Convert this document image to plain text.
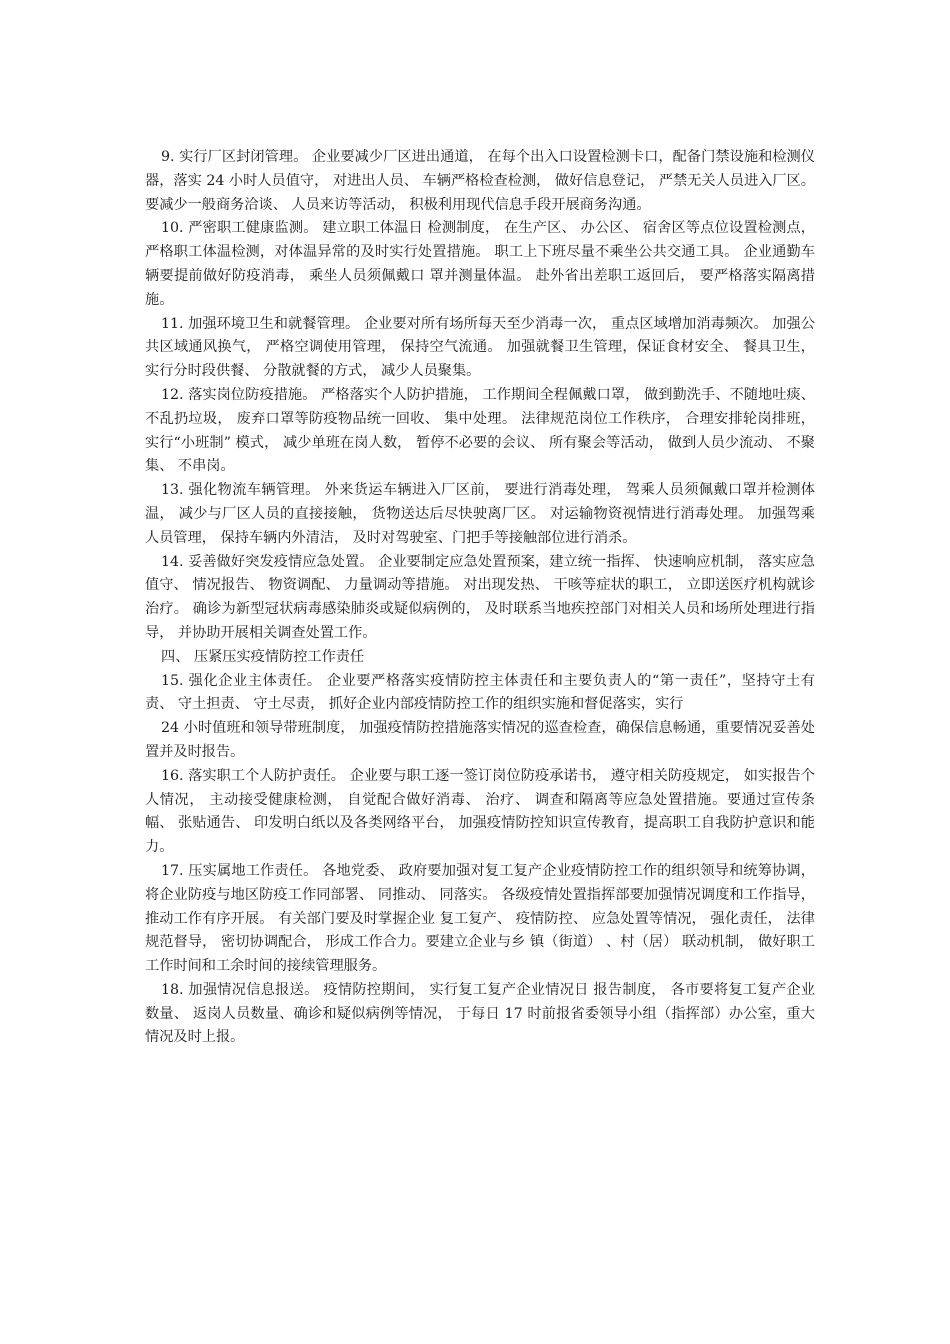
9. 实行厂区封闭管理。 企业要减少厂区进出通道， 在每个出入口设置检测卡口，配备门禁设施和检测仪器，落实 24 小时人员值守， 对进出人员、 车辆严格检查检测， 做好信息登记， 严禁无关人员进入厂区。 要减少一般商务洽谈、 人员来访等活动， 积极利用现代信息手段开展商务沟通。

10. 严密职工健康监测。 建立职工体温日 检测制度， 在生产区、 办公区、 宿舍区等点位设置检测点， 严格职工体温检测，对体温异常的及时实行处置措施。 职工上下班尽量不乘坐公共交通工具。 企业通勤车辆要提前做好防疫消毒， 乘坐人员须佩戴口 罩并测量体温。 赴外省出差职工返回后， 要严格落实隔离措施。

11. 加强环境卫生和就餐管理。 企业要对所有场所每天至少消毒一次， 重点区域增加消毒频次。 加强公共区域通风换气， 严格空调使用管理， 保持空气流通。 加强就餐卫生管理，保证食材安全、 餐具卫生， 实行分时段供餐、 分散就餐的方式， 减少人员聚集。

12. 落实岗位防疫措施。 严格落实个人防护措施， 工作期间全程佩戴口罩， 做到勤洗手、不随地吐痰、 不乱扔垃圾， 废弃口罩等防疫物品统一回收、 集中处理。 法律规范岗位工作秩序， 合理安排轮岗排班， 实行“小班制” 模式， 减少单班在岗人数， 暂停不必要的会议、 所有聚会等活动， 做到人员少流动、 不聚集、 不串岗。

13. 强化物流车辆管理。 外来货运车辆进入厂区前， 要进行消毒处理， 驾乘人员须佩戴口罩并检测体温， 减少与厂区人员的直接接触， 货物送达后尽快驶离厂区。 对运输物资视情进行消毒处理。 加强驾乘人员管理， 保持车辆内外清洁， 及时对驾驶室、门把手等接触部位进行消杀。

14. 妥善做好突发疫情应急处置。 企业要制定应急处置预案，建立统一指挥、 快速响应机制， 落实应急值守、 情况报告、 物资调配、 力量调动等措施。 对出现发热、 干咳等症状的职工， 立即送医疗机构就诊治疗。 确诊为新型冠状病毒感染肺炎或疑似病例的， 及时联系当地疾控部门对相关人员和场所处理进行指导， 并协助开展相关调查处置工作。

四、 压紧压实疫情防控工作责任

15. 强化企业主体责任。 企业要严格落实疫情防控主体责任和主要负责人的“第一责任”，坚持守土有责、 守土担责、 守土尽责， 抓好企业内部疫情防控工作的组织实施和督促落实，实行

24 小时值班和领导带班制度， 加强疫情防控措施落实情况的巡查检查，确保信息畅通，重要情况妥善处置并及时报告。

16. 落实职工个人防护责任。 企业要与职工逐一签订岗位防疫承诺书， 遵守相关防疫规定， 如实报告个人情况， 主动接受健康检测， 自觉配合做好消毒、 治疗、 调查和隔离等应急处置措施。要通过宣传条幅、 张贴通告、 印发明白纸以及各类网络平台， 加强疫情防控知识宣传教育，提高职工自我防护意识和能力。

17. 压实属地工作责任。 各地党委、 政府要加强对复工复产企业疫情防控工作的组织领导和统筹协调， 将企业防疫与地区防疫工作同部署、 同推动、 同落实。 各级疫情处置指挥部要加强情况调度和工作指导， 推动工作有序开展。 有关部门要及时掌握企业 复工复产、 疫情防控、 应急处置等情况， 强化责任， 法律规范督导， 密切协调配合， 形成工作合力。要建立企业与乡 镇（街道） 、村（居） 联动机制， 做好职工工作时间和工余时间的接续管理服务。

18. 加强情况信息报送。 疫情防控期间， 实行复工复产企业情况日 报告制度， 各市要将复工复产企业数量、 返岗人员数量、确诊和疑似病例等情况， 于每日 17 时前报省委领导小组（指挥部）办公室，重大情况及时上报。
